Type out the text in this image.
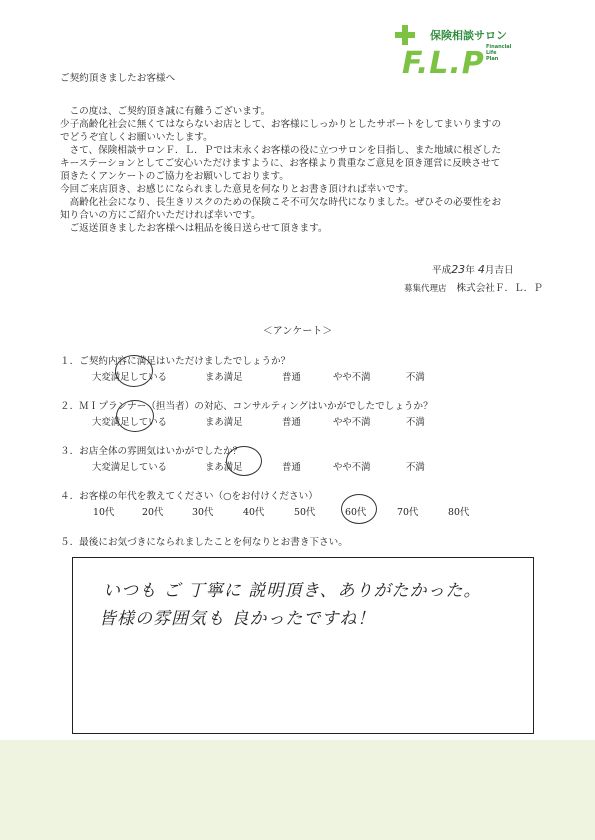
保険相談サロン
F.L.P Financial
Life
Plan
ご契約頂きましたお客様へ

　この度は、ご契約頂き誠に有難うございます。

少子高齢化社会に無くてはならないお店として、お客様にしっかりとしたサポートをしてまいりますの

でどうぞ宜しくお願いいたします。

　さて、保険相談サロンＦ．Ｌ．Ｐでは末永くお客様の役に立つサロンを目指し、また地域に根ざした

キーステーションとしてご安心いただけますように、お客様より貴重なご意見を頂き運営に反映させて

頂きたくアンケートのご協力をお願いしております。

今回ご来店頂き、お感じになられました意見を何なりとお書き頂ければ幸いです。

　高齢化社会になり、長生きリスクのための保険こそ不可欠な時代になりました。ぜひその必要性をお

知り合いの方にご紹介いただければ幸いです。

　ご返送頂きましたお客様へは粗品を後日送らせて頂きます。

平成23年 4月吉日
募集代理店 株式会社Ｆ．Ｌ．Ｐ
＜アンケート＞
１．ご契約内容に満足はいただけましたでしょうか？
大変満足している	まあ満足	普通	やや不満	不満
２．ＭＩプランナー（担当者）の対応、コンサルティングはいかがでしたでしょうか？
大変満足している	まあ満足	普通	やや不満	不満
３．お店全体の雰囲気はいかがでしたか？
大変満足している	まあ満足	普通	やや不満	不満
４．お客様の年代を教えてください（○をお付けください）
10代	20代	30代	40代	50代	60代	70代	80代
５．最後にお気づきになられましたことを何なりとお書き下さい。
いつも ご 丁寧に 説明頂き、ありがたかった。
皆様の雰囲気も 良かったですね！
